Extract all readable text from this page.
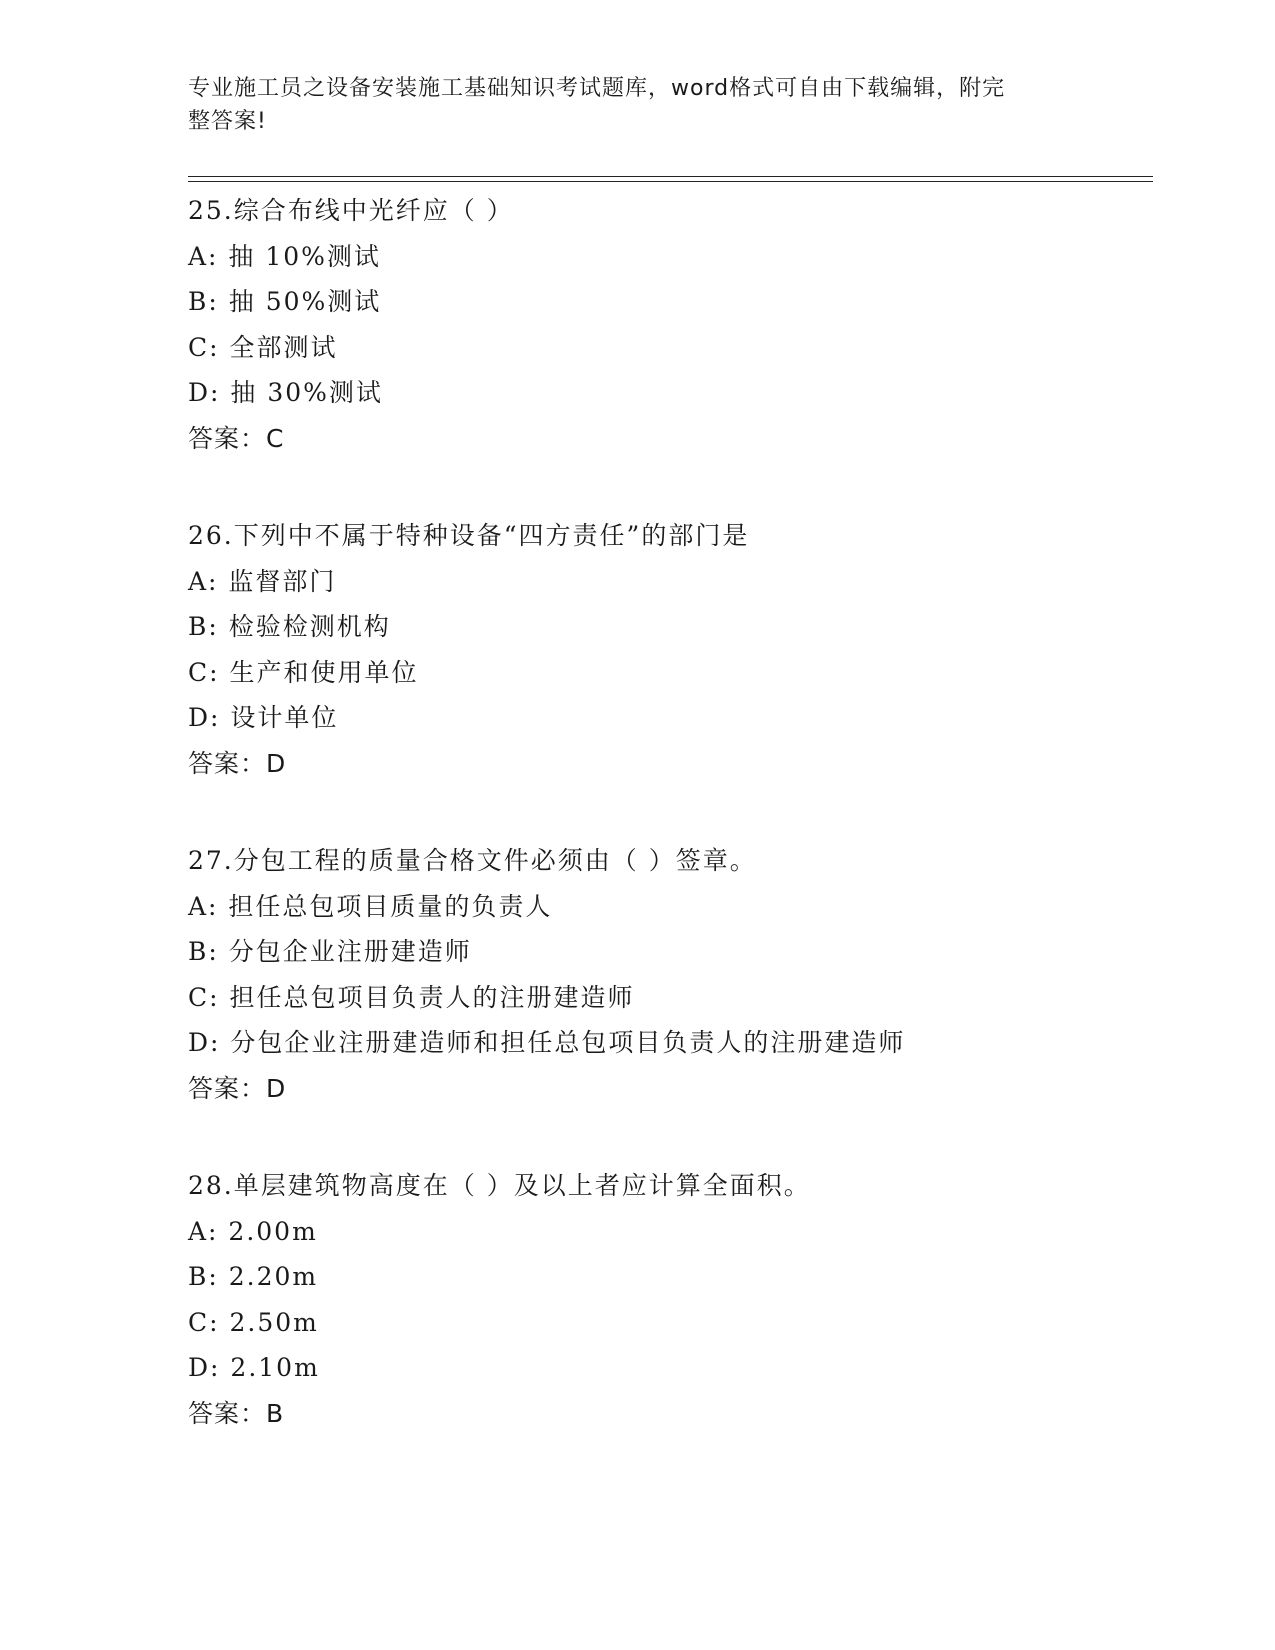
专业施工员之设备安装施工基础知识考试题库，word格式可自由下载编辑，附完
整答案!
25.综合布线中光纤应（ ）
A: 抽 10%测试
B: 抽 50%测试
C: 全部测试
D: 抽 30%测试
答案：C
26.下列中不属于特种设备“四方责任”的部门是
A: 监督部门
B: 检验检测机构
C: 生产和使用单位
D: 设计单位
答案：D
27.分包工程的质量合格文件必须由（ ）签章。
A: 担任总包项目质量的负责人
B: 分包企业注册建造师
C: 担任总包项目负责人的注册建造师
D: 分包企业注册建造师和担任总包项目负责人的注册建造师
答案：D
28.单层建筑物高度在（ ）及以上者应计算全面积。
A: 2.00m
B: 2.20m
C: 2.50m
D: 2.10m
答案：B
